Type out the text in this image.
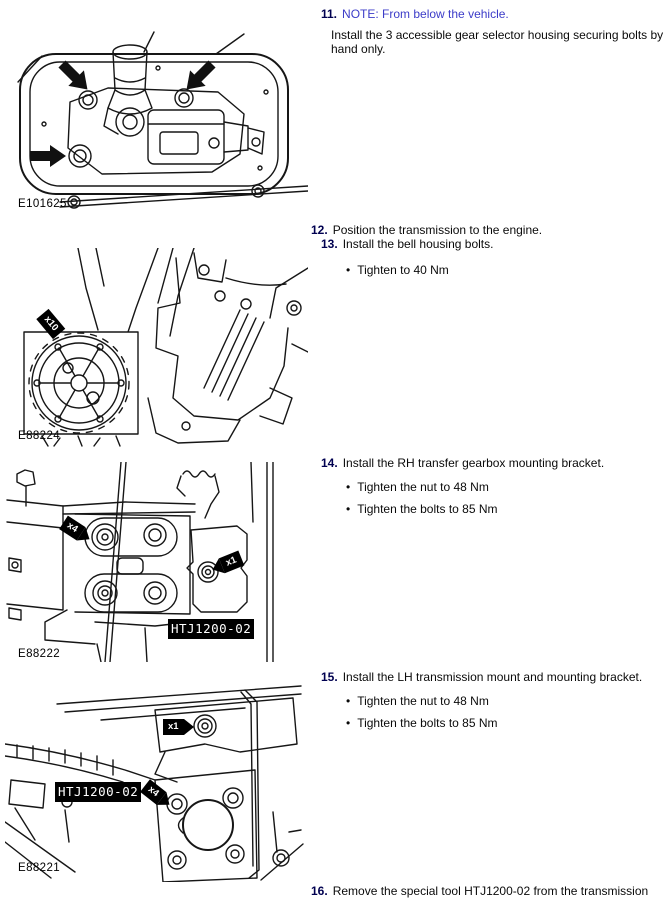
E101625
11. NOTE: From below the vehicle.
Install the 3 accessible gear selector housing securing bolts by hand only.
12. Position the transmission to the engine.
13. Install the bell housing bolts.
• Tighten to 40 Nm
x10
E88224
14. Install the RH transfer gearbox mounting bracket.
• Tighten the nut to 48 Nm
• Tighten the bolts to 85 Nm
x4
x1
HTJ1200-02
E88222
15. Install the LH transmission mount and mounting bracket.
• Tighten the nut to 48 Nm
• Tighten the bolts to 85 Nm
x1
HTJ1200-02 x4
E88221
16. Remove the special tool HTJ1200-02 from the transmission
